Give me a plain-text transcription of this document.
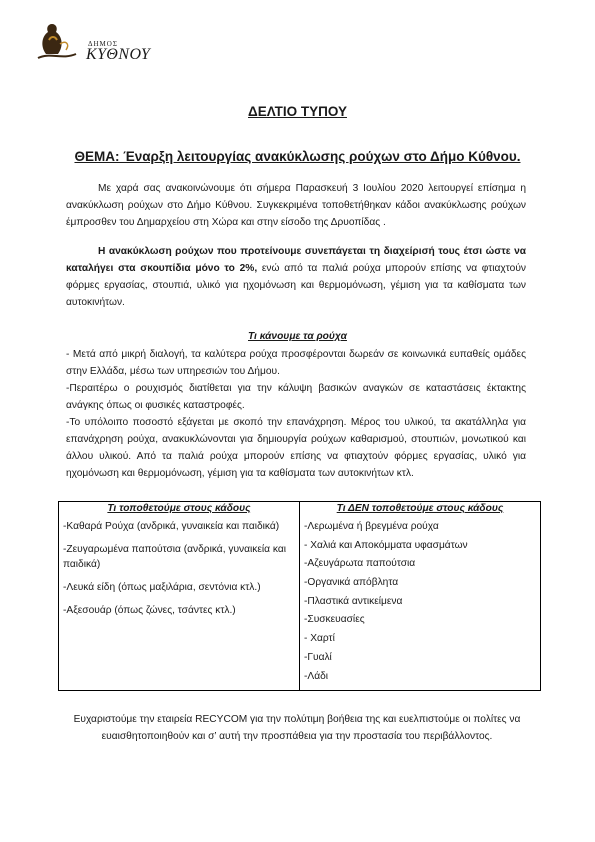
ΔΗΜΟΣ
ΚΥΘΝΟΥ
ΔΕΛΤΙΟ ΤΥΠΟΥ
ΘΕΜΑ: Έναρξη λειτουργίας ανακύκλωσης ρούχων στο Δήμο Κύθνου.
Με χαρά σας ανακοινώνουμε ότι σήμερα Παρασκευή 3 Ιουλίου 2020 λειτουργεί επίσημα η ανακύκλωση ρούχων στο Δήμο Κύθνου. Συγκεκριμένα τοποθετήθηκαν κάδοι ανακύκλωσης ρούχων έμπροσθεν του Δημαρχείου στη Χώρα και στην είσοδο της Δρυοπίδας .
Η ανακύκλωση ρούχων που προτείνουμε συνεπάγεται τη διαχείρισή τους έτσι ώστε να καταλήγει στα σκουπίδια μόνο το 2%, ενώ από τα παλιά ρούχα μπορούν επίσης να φτιαχτούν φόρμες εργασίας, στουπιά, υλικό για ηχομόνωση και θερμομόνωση, γέμιση για τα καθίσματα των αυτοκινήτων.
Τι κάνουμε τα ρούχα
- Μετά από μικρή διαλογή, τα καλύτερα ρούχα προσφέρονται δωρεάν σε κοινωνικά ευπαθείς ομάδες στην Ελλάδα, μέσω των υπηρεσιών του Δήμου.
-Περαιτέρω ο ρουχισμός διατίθεται για την κάλυψη βασικών αναγκών σε καταστάσεις έκτακτης ανάγκης όπως οι φυσικές καταστροφές.
-Το υπόλοιπο ποσοστό εξάγεται με σκοπό την επανάχρηση. Μέρος του υλικού, τα ακατάλληλα για επανάχρηση ρούχα, ανακυκλώνονται για δημιουργία ρούχων καθαρισμού, στουπιών, μονωτικού και άλλου υλικού. Από τα παλιά ρούχα μπορούν επίσης να φτιαχτούν φόρμες εργασίας, υλικό για ηχομόνωση και θερμομόνωση, γέμιση για τα καθίσματα των αυτοκινήτων κτλ.
Τι τοποθετούμε στους κάδους
-Καθαρά Ρούχα (ανδρικά, γυναικεία και παιδικά)
-Ζευγαρωμένα παπούτσια (ανδρικά, γυναικεία και παιδικά)
-Λευκά είδη (όπως μαξιλάρια, σεντόνια κτλ.)
-Αξεσουάρ (όπως ζώνες, τσάντες κτλ.)
Τι ΔΕΝ τοποθετούμε στους κάδους
-Λερωμένα ή βρεγμένα ρούχα
- Χαλιά και Αποκόμματα υφασμάτων
-Αζευγάρωτα παπούτσια
-Οργανικά απόβλητα
-Πλαστικά αντικείμενα
-Συσκευασίες
- Χαρτί
-Γυαλί
-Λάδι
Ευχαριστούμε την εταιρεία RECYCOM για την πολύτιμη βοήθεια της και ευελπιστούμε οι πολίτες να ευαισθητοποιηθούν και σ’ αυτή την προσπάθεια για την προστασία του περιβάλλοντος.
